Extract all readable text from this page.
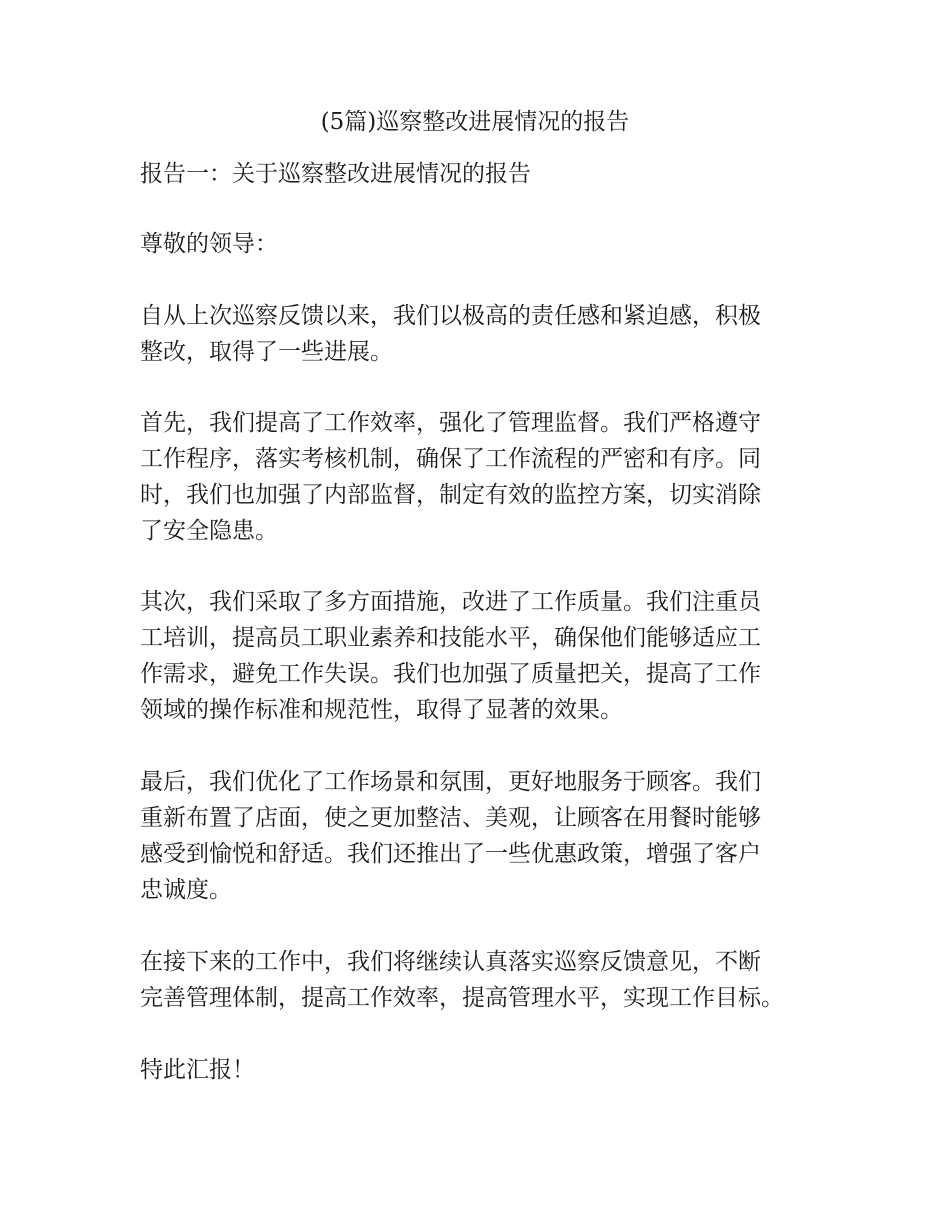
(5篇)巡察整改进展情况的报告

报告一：关于巡察整改进展情况的报告

尊敬的领导：

自从上次巡察反馈以来，我们以极高的责任感和紧迫感，积极
整改，取得了一些进展。

首先，我们提高了工作效率，强化了管理监督。我们严格遵守
工作程序，落实考核机制，确保了工作流程的严密和有序。同
时，我们也加强了内部监督，制定有效的监控方案，切实消除
了安全隐患。

其次，我们采取了多方面措施，改进了工作质量。我们注重员
工培训，提高员工职业素养和技能水平，确保他们能够适应工
作需求，避免工作失误。我们也加强了质量把关，提高了工作
领域的操作标准和规范性，取得了显著的效果。

最后，我们优化了工作场景和氛围，更好地服务于顾客。我们
重新布置了店面，使之更加整洁、美观，让顾客在用餐时能够
感受到愉悦和舒适。我们还推出了一些优惠政策，增强了客户
忠诚度。

在接下来的工作中，我们将继续认真落实巡察反馈意见，不断
完善管理体制，提高工作效率，提高管理水平，实现工作目标。

特此汇报！
